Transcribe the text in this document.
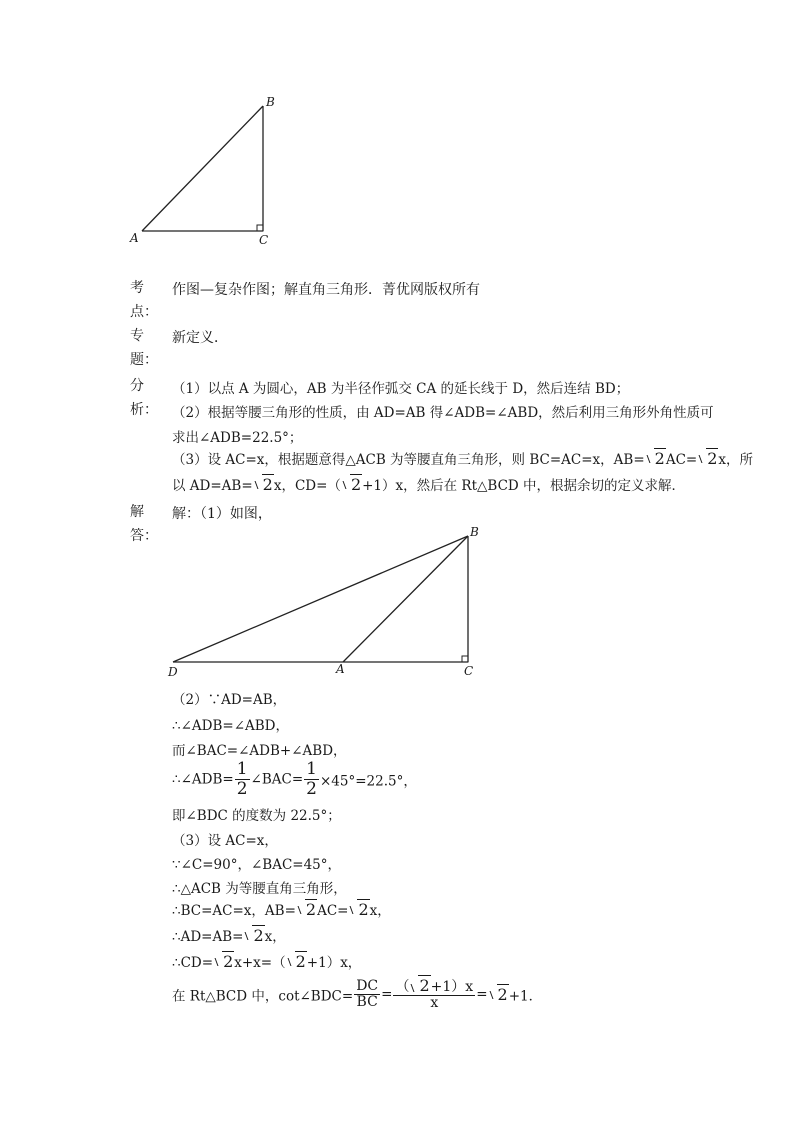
B
A	C
考
点：
作图—复杂作图；解直角三角形．菁优网版权所有
专
题：
新定义．
分
析：
（1）以点 A 为圆心，AB 为半径作弧交 CA 的延长线于 D，然后连结 BD；
（2）根据等腰三角形的性质，由 AD=AB 得∠ADB=∠ABD，然后利用三角形外角性质可
求出∠ADB=22.5°；
（3）设 AC=x，根据题意得△ACB 为等腰直角三角形，则 BC=AC=x，AB= 2AC= 2x，所
以 AD=AB= 2x，CD=（ 2+1）x，然后在 Rt△BCD 中，根据余切的定义求解．
解
答：
解：（1）如图，
B
D	A	C
（2）∵AD=AB，
∴∠ADB=∠ABD，
而∠BAC=∠ADB+∠ABD，
∴∠ADB= $\frac{1}{2}$ ∠BAC= $\frac{1}{2} \times 45^\circ=22.5^\circ$，
即∠BDC 的度数为 22.5°；
（3）设 AC=x，
∵∠C=90°，∠BAC=45°，
∴△ACB 为等腰直角三角形，
∴BC=AC=x，AB= 2AC= 2x，
∴AD=AB= 2x，
∴CD= 2x+x=（ 2+1）x，
在 Rt△BCD 中，cot∠BDC= $\frac{DC}{BC} = \frac{( 2+1)x}{x} = 2+1$．
